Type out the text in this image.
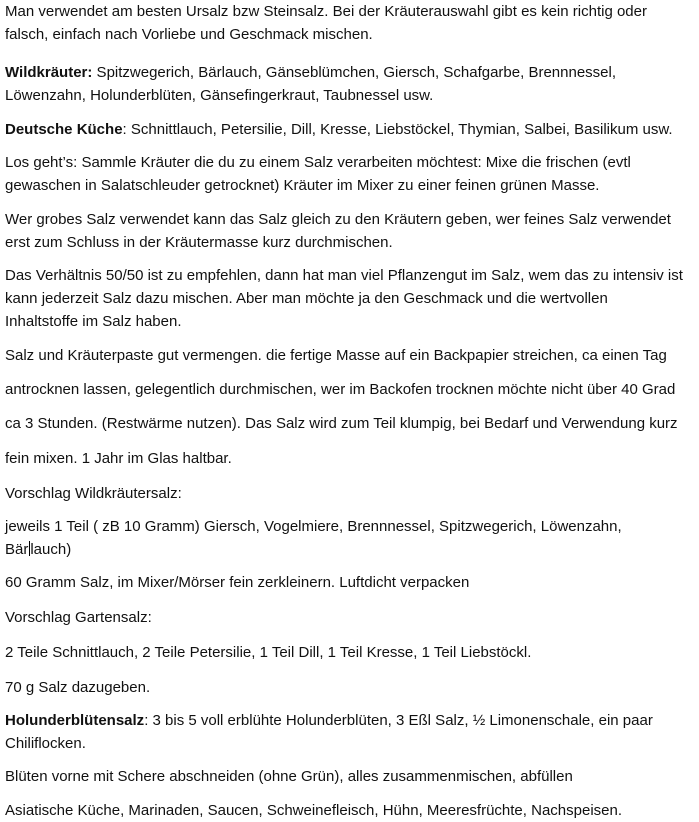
Man verwendet am besten Ursalz bzw Steinsalz. Bei der Kräuterauswahl gibt es kein richtig oder
falsch, einfach nach Vorliebe und Geschmack mischen.
Wildkräuter: Spitzwegerich, Bärlauch, Gänseblümchen, Giersch, Schafgarbe, Brennnessel,
Löwenzahn, Holunderblüten, Gänsefingerkraut, Taubnessel usw.
Deutsche Küche: Schnittlauch, Petersilie, Dill, Kresse, Liebstöckel, Thymian, Salbei, Basilikum usw.
Los geht’s: Sammle Kräuter die du zu einem Salz verarbeiten möchtest: Mixe die frischen (evtl
gewaschen in Salatschleuder getrocknet) Kräuter im Mixer zu einer feinen grünen Masse.
Wer grobes Salz verwendet kann das Salz gleich zu den Kräutern geben, wer feines Salz verwendet
erst zum Schluss in der Kräutermasse kurz durchmischen.
Das Verhältnis 50/50 ist zu empfehlen, dann hat man viel Pflanzengut im Salz, wem das zu intensiv ist
kann jederzeit Salz dazu mischen. Aber man möchte ja den Geschmack und die wertvollen
Inhaltstoffe im Salz haben.
Salz und Kräuterpaste gut vermengen. die fertige Masse auf ein Backpapier streichen, ca einen Tag
antrocknen lassen, gelegentlich durchmischen, wer im Backofen trocknen möchte nicht über 40 Grad
ca 3 Stunden. (Restwärme nutzen). Das Salz wird zum Teil klumpig, bei Bedarf und Verwendung kurz
fein mixen. 1 Jahr im Glas haltbar.
Vorschlag Wildkräutersalz:
jeweils 1 Teil ( zB 10 Gramm) Giersch, Vogelmiere, Brennnessel, Spitzwegerich, Löwenzahn,
Bär lauch)
60 Gramm Salz, im Mixer/Mörser fein zerkleinern. Luftdicht verpacken
Vorschlag Gartensalz:
2 Teile Schnittlauch, 2 Teile Petersilie, 1 Teil Dill, 1 Teil Kresse, 1 Teil Liebstöckl.
70 g Salz dazugeben.
Holunderblütensalz: 3 bis 5 voll erblühte Holunderblüten, 3 Eßl Salz, ½ Limonenschale, ein paar
Chiliflocken.
Blüten vorne mit Schere abschneiden (ohne Grün), alles zusammenmischen, abfüllen
Asiatische Küche, Marinaden, Saucen, Schweinefleisch, Hühn, Meeresfrüchte, Nachspeisen.
